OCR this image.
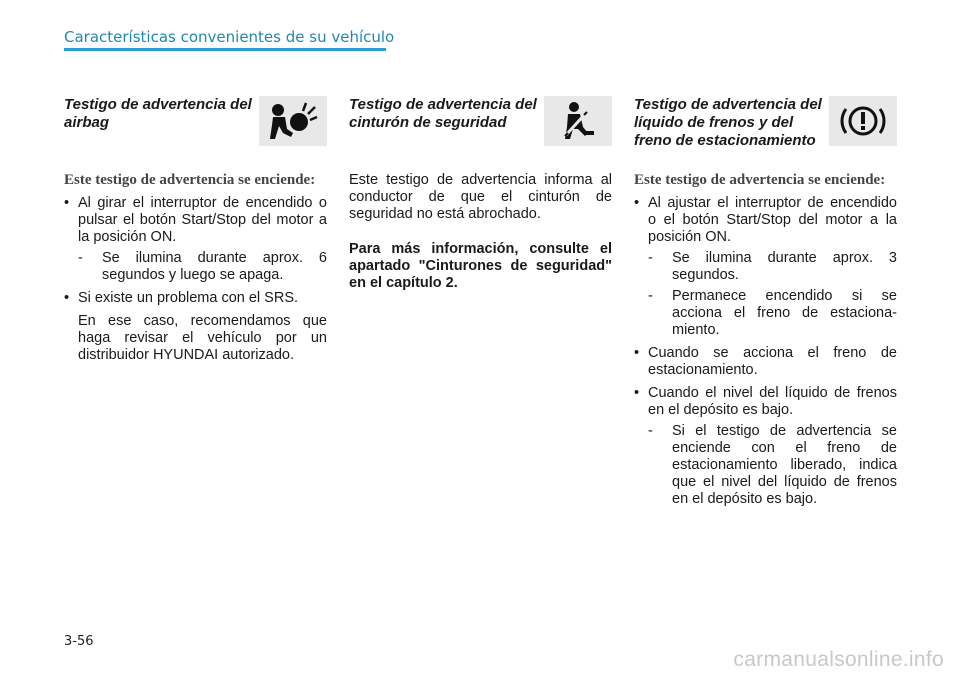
Características convenientes de su vehículo
Testigo de advertencia del airbag
Este testigo de advertencia se enciende:
• Al girar el interruptor de encendido o pulsar el botón Start/Stop del motor a la posición ON.
- Se ilumina durante aprox. 6 segundos y luego se apaga.
• Si existe un problema con el SRS.
En ese caso, recomendamos que haga revisar el vehículo por un distribuidor HYUNDAI autorizado.
Testigo de advertencia del cinturón de seguridad
Este testigo de advertencia informa al conductor de que el cinturón de seguridad no está abrochado.
Para más información, consulte el apartado "Cinturones de seguridad" en el capítulo 2.
Testigo de advertencia del líquido de frenos y del freno de estacionamiento
Este testigo de advertencia se enciende:
• Al ajustar el interruptor de encendido o el botón Start/Stop del motor a la posición ON.
- Se ilumina durante aprox. 3 segundos.
- Permanece encendido si se acciona el freno de estaciona-miento.
• Cuando se acciona el freno de estacionamiento.
• Cuando el nivel del líquido de frenos en el depósito es bajo.
- Si el testigo de advertencia se enciende con el freno de estacionamiento liberado, indica que el nivel del líquido de frenos en el depósito es bajo.
3-56
carmanualsonline.info
